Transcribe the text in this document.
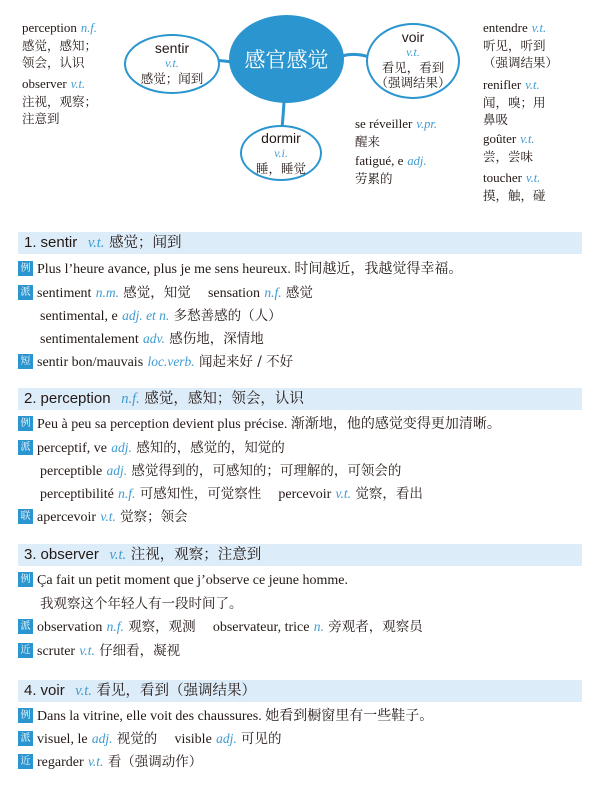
感官感觉
sentir
v.t.
感觉；闻到
voir
v.t.
看见，看到
（强调结果）
dormir
v.i.
睡，睡觉
perception n.f.
感觉，感知；
领会，认识
observer v.t.
注视，观察；
注意到	se réveiller v.pr.
醒来
fatigué, e adj.
劳累的
entendre v.t.
听见，听到
（强调结果）
renifler v.t.
闻，嗅；用
鼻吸
goûter v.t.
尝，尝味
toucher v.t.
摸，触，碰
1. sentir v.t. 感觉；闻到
例 Plus l’heure avance, plus je me sens heureux. 时间越近，我越觉得幸福。
派 sentiment n.m. 感觉，知觉 sensation n.f. 感觉
sentimental, e adj. et n. 多愁善感的（人）
sentimentalement adv. 感伤地，深情地
短 sentir bon/mauvais loc.verb. 闻起来好 / 不好
2. perception n.f. 感觉，感知；领会，认识
例 Peu à peu sa perception devient plus précise. 渐渐地，他的感觉变得更加清晰。
派 perceptif, ve adj. 感知的，感觉的，知觉的
perceptible adj. 感觉得到的，可感知的；可理解的，可领会的
perceptibilité n.f. 可感知性，可觉察性 percevoir v.t. 觉察，看出
联 apercevoir v.t. 觉察；领会
3. observer v.t. 注视，观察；注意到
例 Ça fait un petit moment que j’observe ce jeune homme.
我观察这个年轻人有一段时间了。
派 observation n.f. 观察，观测 observateur, trice n. 旁观者，观察员
近 scruter v.t. 仔细看，凝视
4. voir v.t. 看见，看到（强调结果）
例 Dans la vitrine, elle voit des chaussures. 她看到橱窗里有一些鞋子。
派 visuel, le adj. 视觉的 visible adj. 可见的
近 regarder v.t. 看（强调动作）
